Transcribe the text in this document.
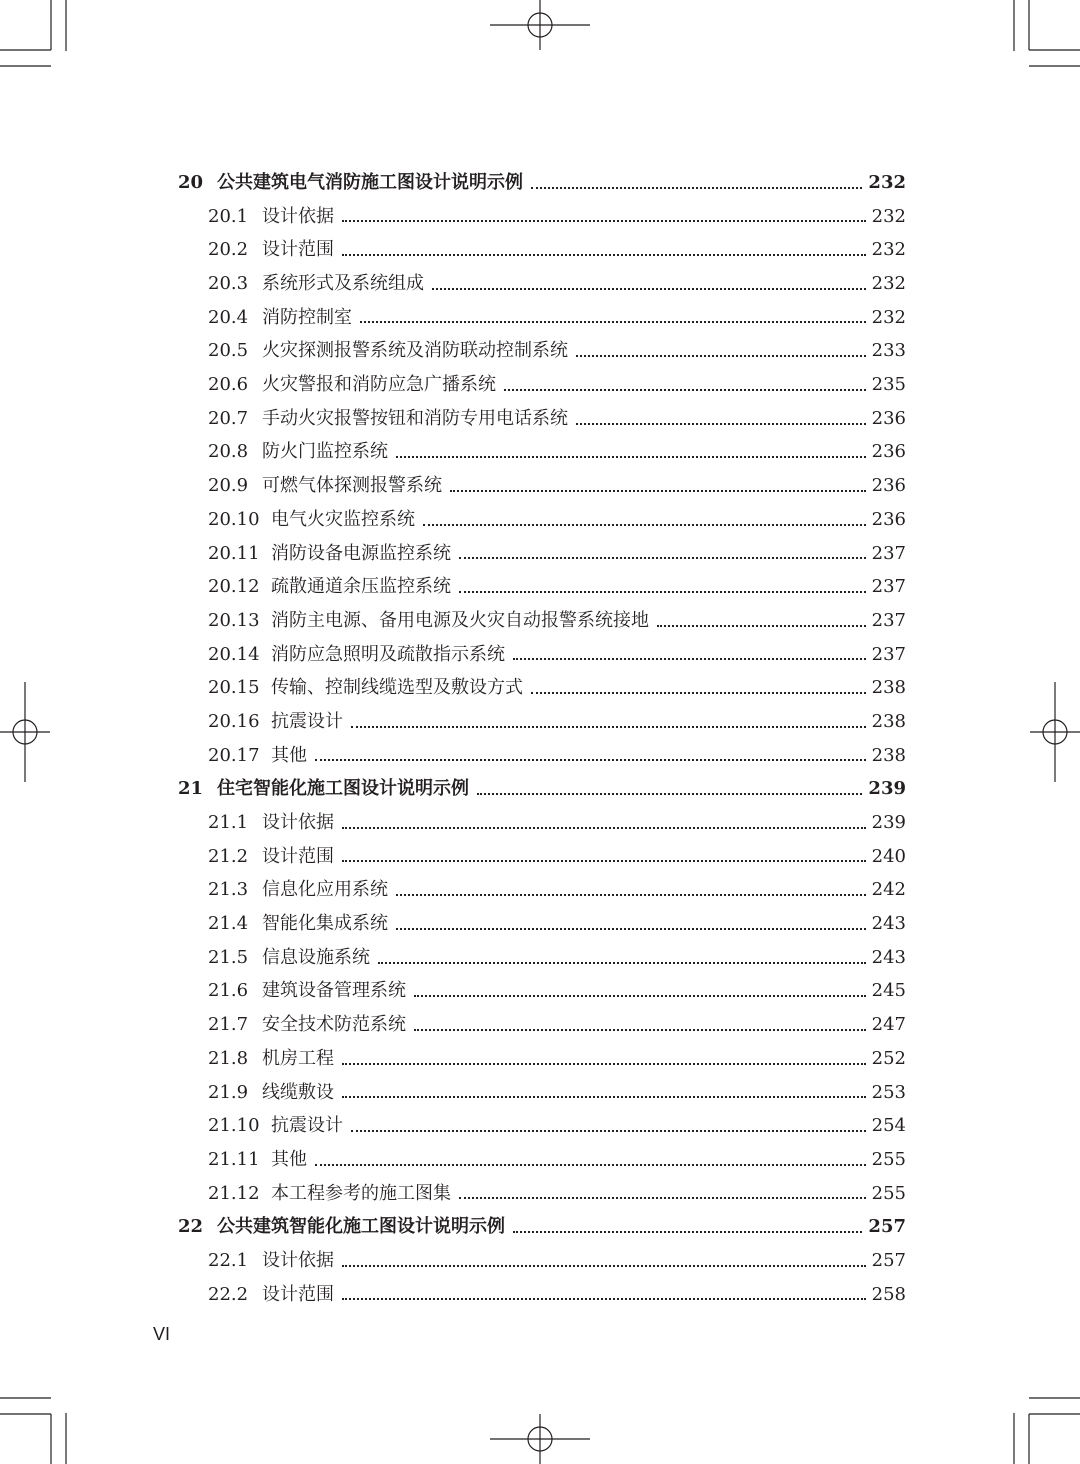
20 公共建筑电气消防施工图设计说明示例	232
20.1 设计依据	232
20.2 设计范围	232
20.3 系统形式及系统组成	232
20.4 消防控制室	232
20.5 火灾探测报警系统及消防联动控制系统	233
20.6 火灾警报和消防应急广播系统	235
20.7 手动火灾报警按钮和消防专用电话系统	236
20.8 防火门监控系统	236
20.9 可燃气体探测报警系统	236
20.10 电气火灾监控系统	236
20.11 消防设备电源监控系统	237
20.12 疏散通道余压监控系统	237
20.13 消防主电源、备用电源及火灾自动报警系统接地	237
20.14 消防应急照明及疏散指示系统	237
20.15 传输、控制线缆选型及敷设方式	238
20.16 抗震设计	238
20.17 其他	238
21 住宅智能化施工图设计说明示例	239
21.1 设计依据	239
21.2 设计范围	240
21.3 信息化应用系统	242
21.4 智能化集成系统	243
21.5 信息设施系统	243
21.6 建筑设备管理系统	245
21.7 安全技术防范系统	247
21.8 机房工程	252
21.9 线缆敷设	253
21.10 抗震设计	254
21.11 其他	255
21.12 本工程参考的施工图集	255
22 公共建筑智能化施工图设计说明示例	257
22.1 设计依据	257
22.2 设计范围	258
VI
